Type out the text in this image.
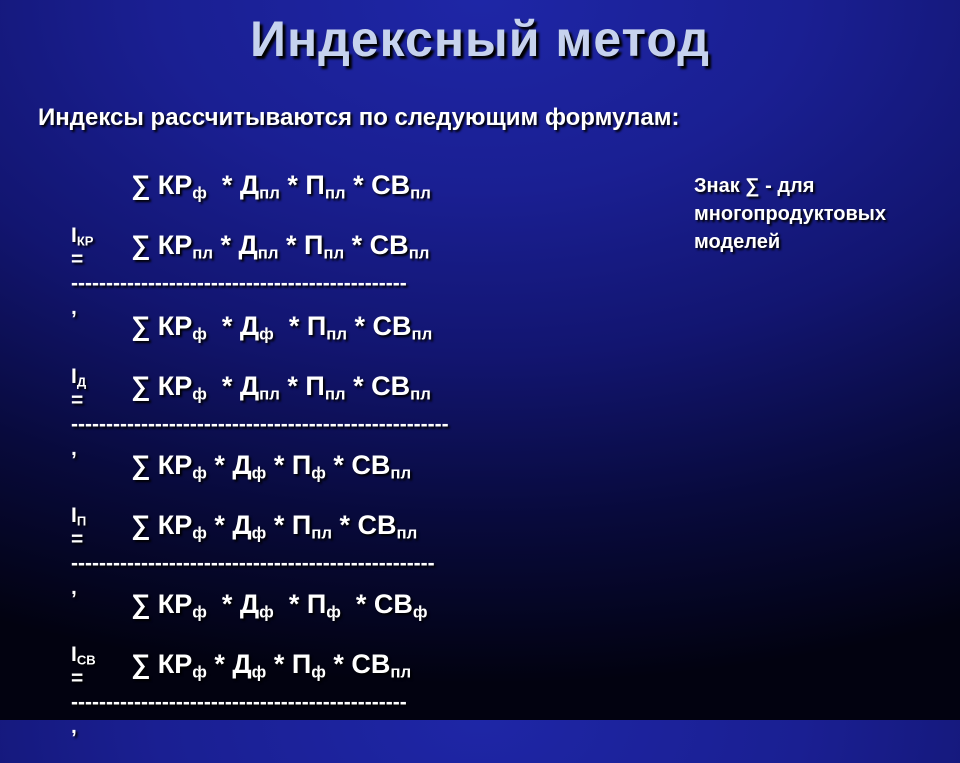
Индексный метод
Индексы рассчитываются по следующим формулам:
Знак ∑ - для многопродуктовых моделей
∑ $КР_ф * Д_{пл} * П_{пл} * СВ_{пл}$

$I_{КР}$
=
------------------------------------------------
,

∑ $КР_{пл} * Д_{пл} * П_{пл} * СВ_{пл}$
∑ $КР_ф * Д_ф * П_{пл} * СВ_{пл}$

$I_Д$
=
------------------------------------------------------
,

∑ $КР_ф * Д_{пл} * П_{пл} * СВ_{пл}$
∑ $КР_ф * Д_ф * П_ф * СВ_{пл}$

$I_П$
=
----------------------------------------------------
,

∑ $КР_ф * Д_ф * П_{пл} * СВ_{пл}$
∑ $КР_ф * Д_ф * П_ф * СВ_ф$

$I_{СВ}$
=
------------------------------------------------
,

∑ $КР_ф * Д_ф * П_ф * СВ_{пл}$
